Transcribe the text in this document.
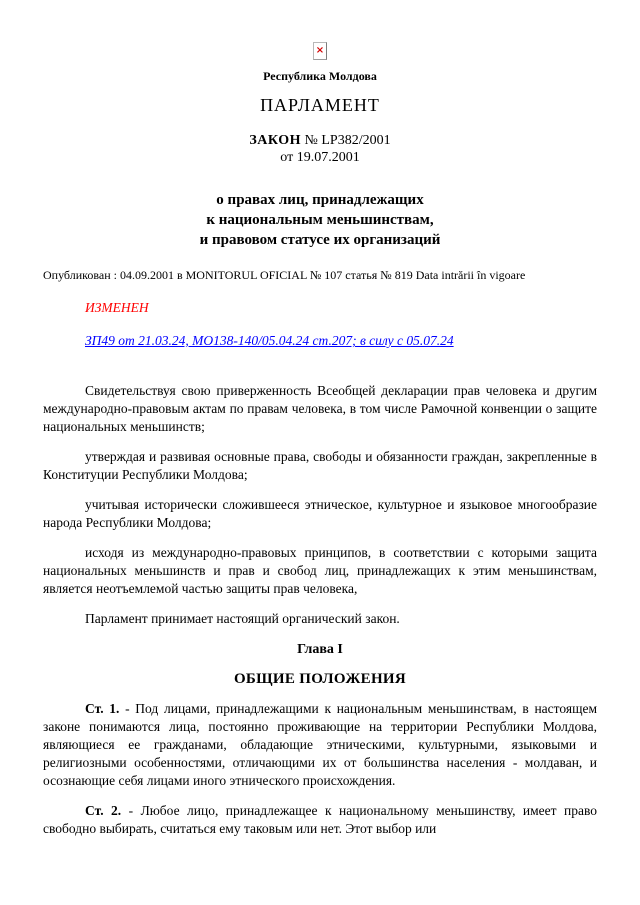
×
Республика Молдова
ПАРЛАМЕНТ
ЗАКОН № LP382/2001
от 19.07.2001
о правах лиц, принадлежащих
к национальным меньшинствам,
и правовом статусе их организаций
Опубликован : 04.09.2001 в MONITORUL OFICIAL № 107 статья № 819 Data intrării în vigoare
ИЗМЕНЕН
ЗП49 от 21.03.24, МО138-140/05.04.24 ст.207; в силу с 05.07.24

Свидетельствуя свою приверженность Всеобщей декларации прав человека и другим международно-правовым актам по правам человека, в том числе Рамочной конвенции о защите национальных меньшинств;

утверждая и развивая основные права, свободы и обязанности граждан, закрепленные в Конституции Республики Молдова;

учитывая исторически сложившееся этническое, культурное и языковое многообразие народа Республики Молдова;

исходя из международно-правовых принципов, в соответствии с которыми защита национальных меньшинств и прав и свобод лиц, принадлежащих к этим меньшинствам, является неотъемлемой частью защиты прав человека,

Парламент принимает настоящий органический закон.

Глава I
ОБЩИЕ ПОЛОЖЕНИЯ

Ст. 1. - Под лицами, принадлежащими к национальным меньшинствам, в настоящем законе понимаются лица, постоянно проживающие на территории Республики Молдова, являющиеся ее гражданами, обладающие этническими, культурными, языковыми и религиозными особенностями, отличающими их от большинства населения - молдаван, и осознающие себя лицами иного этнического происхождения.

Ст. 2. - Любое лицо, принадлежащее к национальному меньшинству, имеет право свободно выбирать, считаться ему таковым или нет. Этот выбор или
